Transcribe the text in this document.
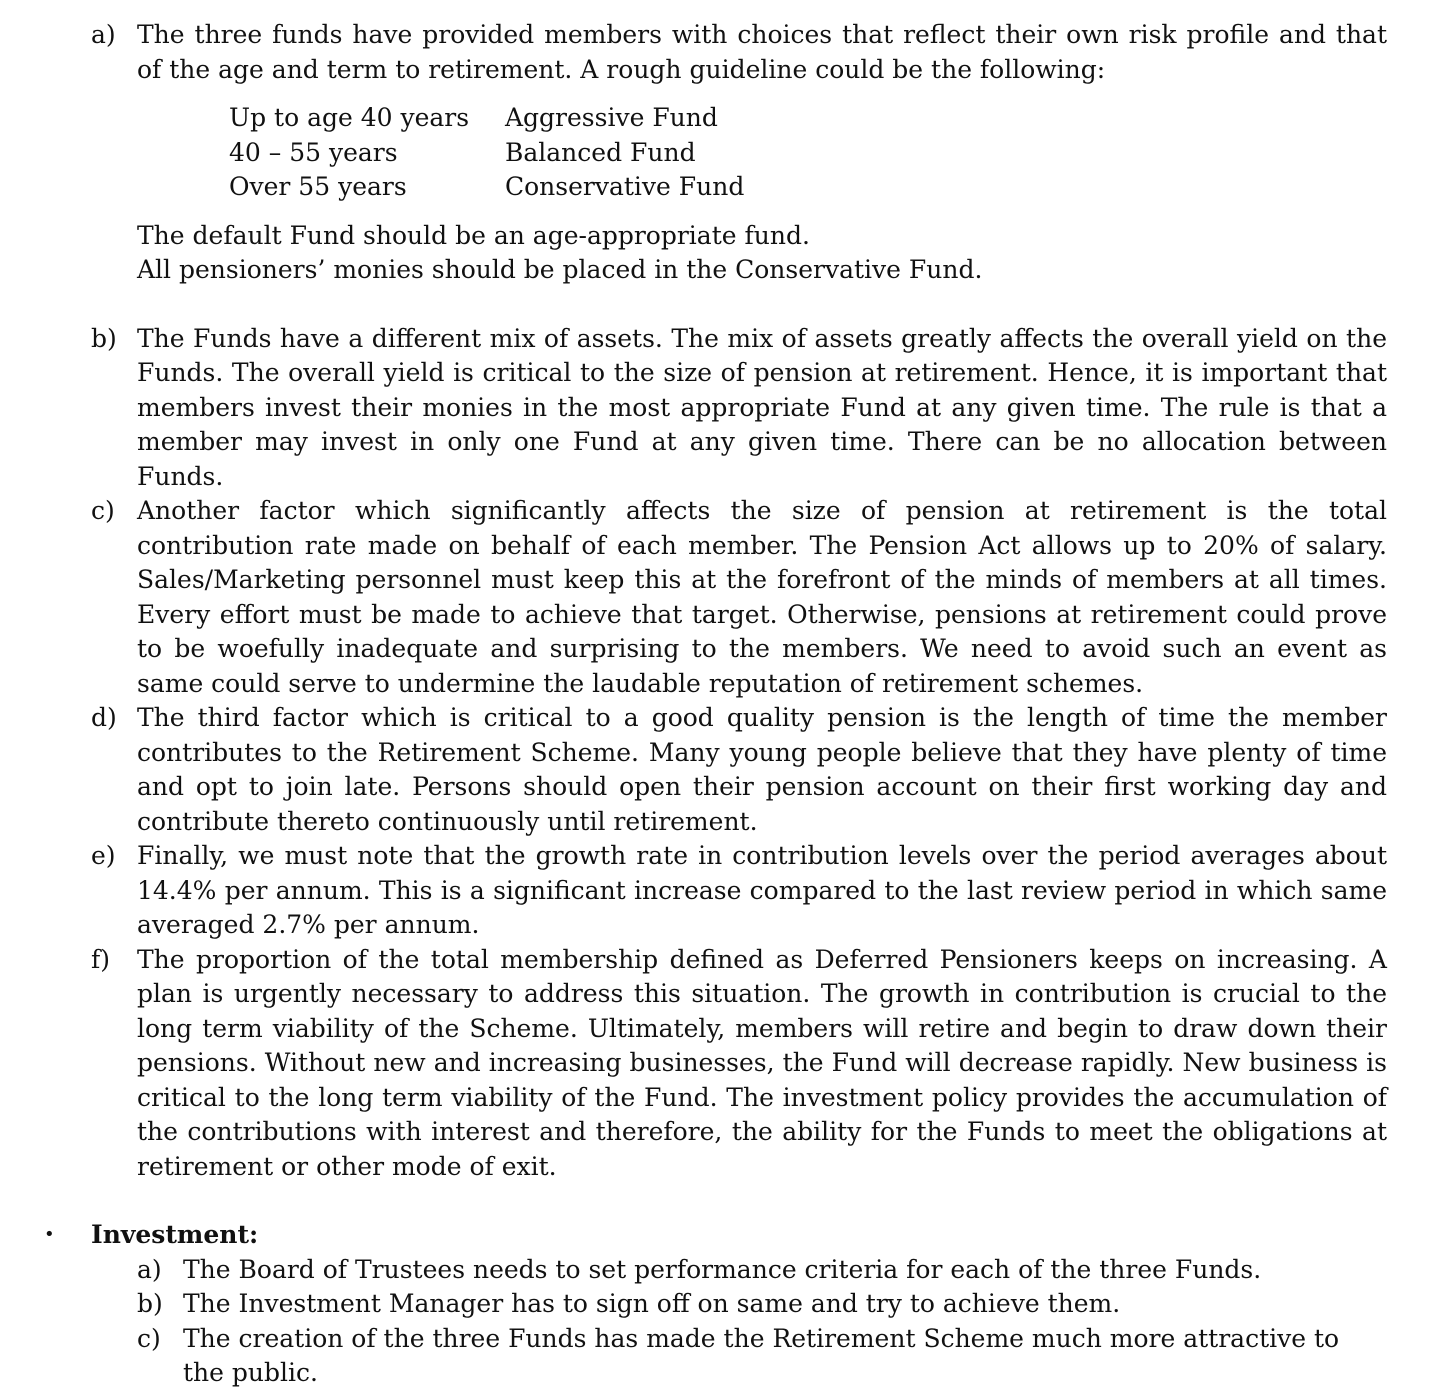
a) The three funds have provided members with choices that reflect their own risk profile and that of the age and term to retirement. A rough guideline could be the following:
Up to age 40 years	Aggressive Fund
40 – 55 years	Balanced Fund
Over 55 years	Conservative Fund
The default Fund should be an age-appropriate fund.
All pensioners’ monies should be placed in the Conservative Fund.
b) The Funds have a different mix of assets. The mix of assets greatly affects the overall yield on the Funds. The overall yield is critical to the size of pension at retirement. Hence, it is important that members invest their monies in the most appropriate Fund at any given time. The rule is that a member may invest in only one Fund at any given time. There can be no allocation between Funds.
c) Another factor which significantly affects the size of pension at retirement is the total contribution rate made on behalf of each member. The Pension Act allows up to 20% of salary. Sales/Marketing personnel must keep this at the forefront of the minds of members at all times. Every effort must be made to achieve that target. Otherwise, pensions at retirement could prove to be woefully inadequate and surprising to the members. We need to avoid such an event as same could serve to undermine the laudable reputation of retirement schemes.
d) The third factor which is critical to a good quality pension is the length of time the member contributes to the Retirement Scheme. Many young people believe that they have plenty of time and opt to join late. Persons should open their pension account on their first working day and contribute thereto continuously until retirement.
e) Finally, we must note that the growth rate in contribution levels over the period averages about 14.4% per annum. This is a significant increase compared to the last review period in which same averaged 2.7% per annum.
f) The proportion of the total membership defined as Deferred Pensioners keeps on increasing. A plan is urgently necessary to address this situation. The growth in contribution is crucial to the long term viability of the Scheme. Ultimately, members will retire and begin to draw down their pensions. Without new and increasing businesses, the Fund will decrease rapidly. New business is critical to the long term viability of the Fund. The investment policy provides the accumulation of the contributions with interest and therefore, the ability for the Funds to meet the obligations at retirement or other mode of exit.
• Investment:
a) The Board of Trustees needs to set performance criteria for each of the three Funds.
b) The Investment Manager has to sign off on same and try to achieve them.
c) The creation of the three Funds has made the Retirement Scheme much more attractive to the public.
